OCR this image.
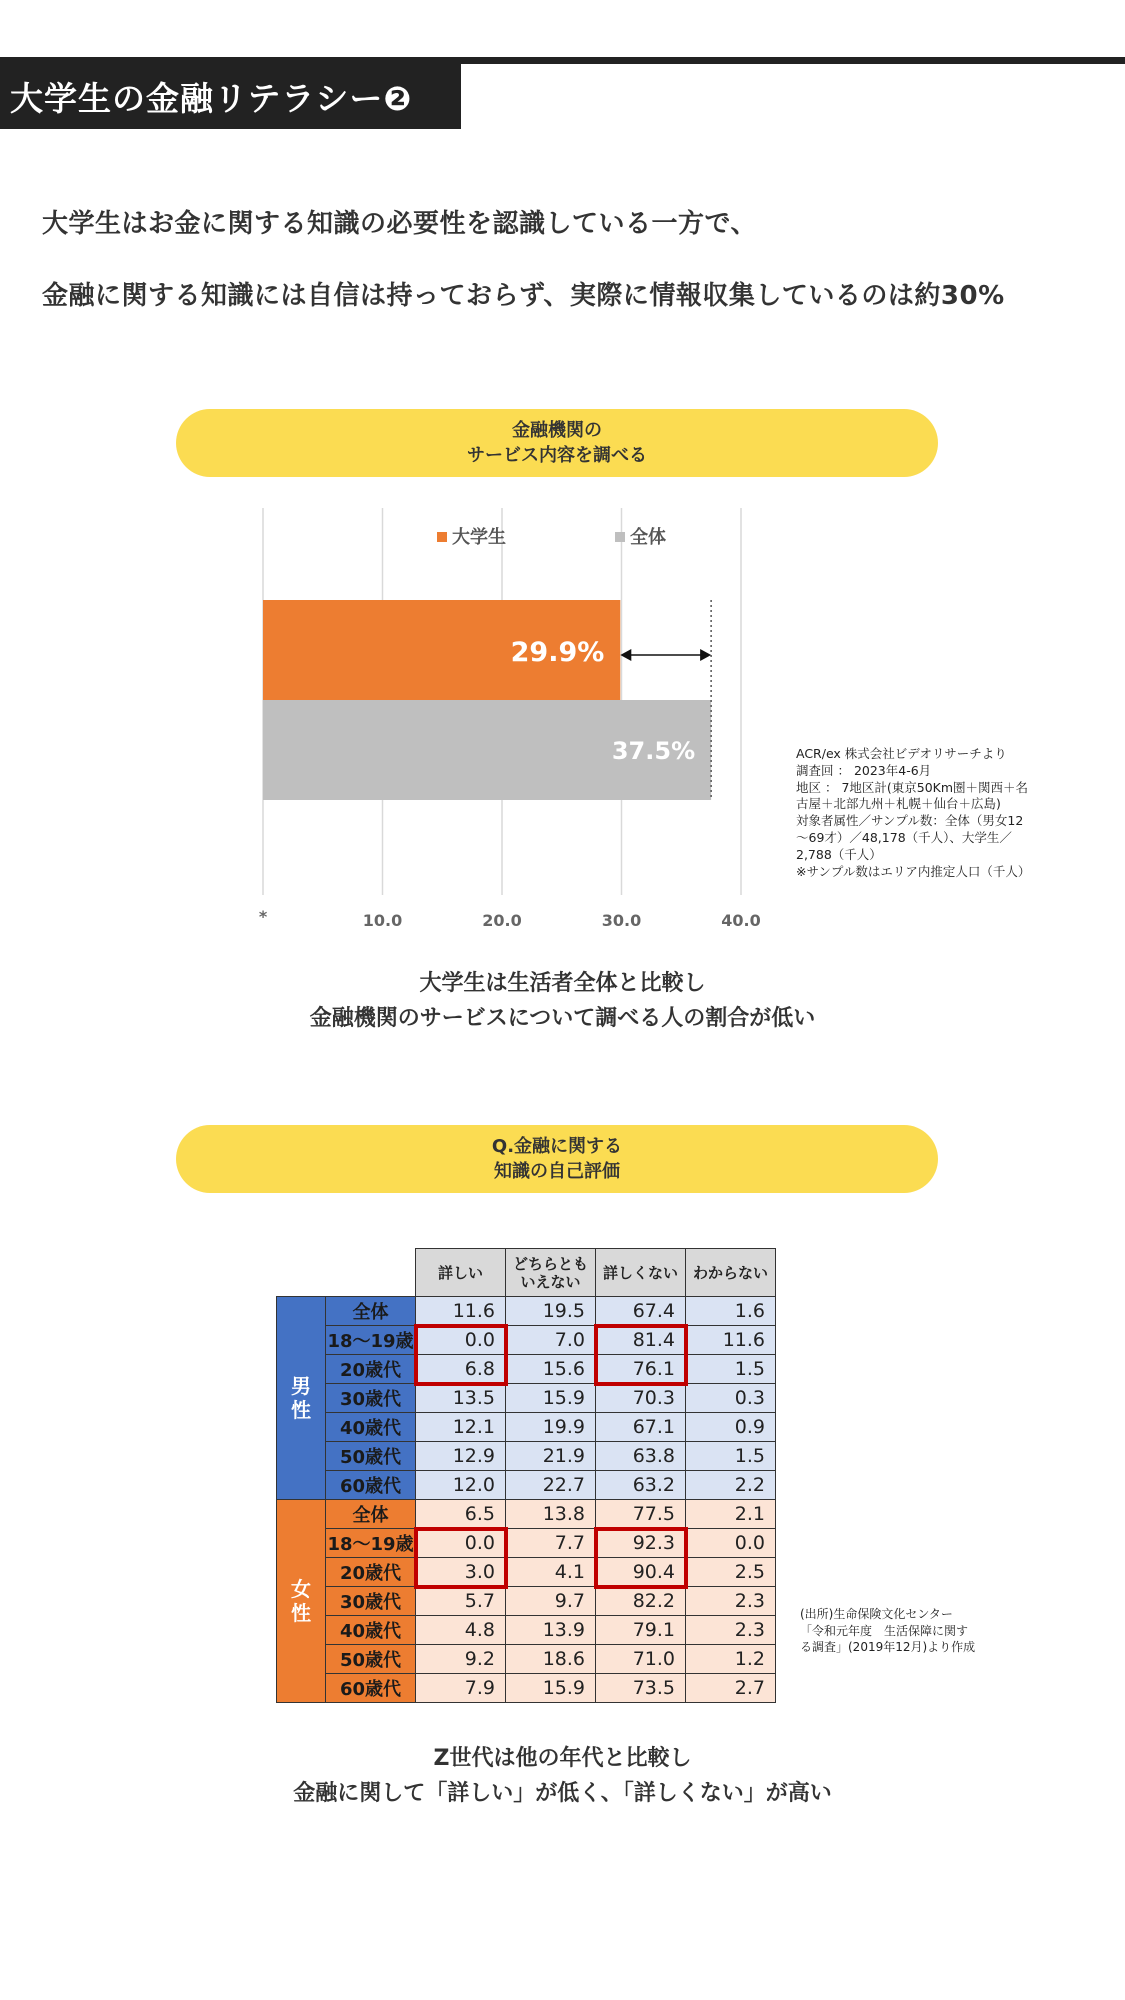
大学生の金融リテラシー❷
大学生はお金に関する知識の必要性を認識している一方で、
金融に関する知識には自信は持っておらず、実際に情報収集しているのは約30%
金融機関の
サービス内容を調べる
29.9%
37.5%
大学生	全体
*	10.0	20.0	30.0	40.0
ACR/ex 株式会社ビデオリサーチより
調査回 ： 2023年4-6月
地区 ： 7地区計(東京50Km圏＋関西＋名
古屋＋北部九州＋札幌＋仙台＋広島)
対象者属性／サンプル数：全体（男女12
～69才）／48,178（千人）、大学生／
2,788（千人）
※サンプル数はエリア内推定人口（千人）
大学生は生活者全体と比較し
金融機関のサービスについて調べる人の割合が低い
Q.金融に関する
知識の自己評価
		詳しい	どちらとも
いえない	詳しくない	わからない
男
性	全体	11.6	19.5	67.4	1.6
	18～19歳	0.0	7.0	81.4	11.6
	20歳代	6.8	15.6	76.1	1.5
	30歳代	13.5	15.9	70.3	0.3
	40歳代	12.1	19.9	67.1	0.9
	50歳代	12.9	21.9	63.8	1.5
	60歳代	12.0	22.7	63.2	2.2
女
性	全体	6.5	13.8	77.5	2.1
	18～19歳	0.0	7.7	92.3	0.0
	20歳代	3.0	4.1	90.4	2.5
	30歳代	5.7	9.7	82.2	2.3
	40歳代	4.8	13.9	79.1	2.3
	50歳代	9.2	18.6	71.0	1.2
	60歳代	7.9	15.9	73.5	2.7
(出所)生命保険文化センター
「令和元年度　生活保障に関す
る調査」(2019年12月)より作成
Z世代は他の年代と比較し
金融に関して「詳しい」が低く、「詳しくない」が高い
